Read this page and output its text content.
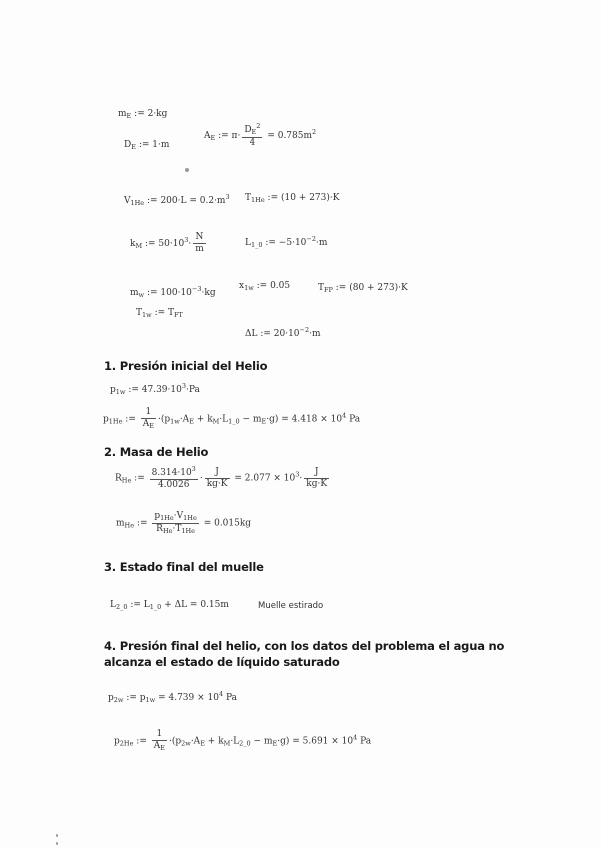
$m_E$ := 2·kg
$D_E$ := 1·m
$A_E$ := $\pi\cdot \frac{D_E^2}{4} = 0.785m^2$
$V_{1He}$ := $200\cdot L = 0.2\cdot m^3$ $T_{1He}$ := (10 + 273)·K
$k_M$ := $50\cdot 10^3\cdot \frac{N}{m}$	$L_{1\_0}$ := $-5\cdot 10^{-2}\cdot m$
$m_w$ := $100\cdot 10^{-3}\cdot kg$
$x_{1w}$ := 0.05	$T_{FP}$ := (80 + 273)·K
$T_{1w}$ := $T_{FT}$
ΔL := $20\cdot 10^{-2}\cdot m$
1. Presión inicial del Helio
$p_{1w}$ := $47.39\cdot 10^3\cdot Pa$
$p_{1He}$ := $\frac{1}{A_E} \cdot(p_{1w}\cdot A_E + k_M\cdot L_{1\_0} - m_E\cdot g) = 4.418 \times 10^4$ Pa
2. Masa de Helio
$R_{He}$ := $\frac{8.314\cdot 10^3}{4.0026} \cdot \frac{J}{kg\cdot K} = 2.077 \times 10^3\cdot \frac{J}{kg\cdot K}$
$m_{He}$ := $\frac{p_{1He}\cdot V_{1He}}{R_{He}\cdot T_{1He}} = 0.015kg$
3. Estado final del muelle
$L_{2\_0}$ := $L_{1\_0} + \Delta L = 0.15m$	Muelle estirado
4. Presión final del helio, con los datos del problema el agua no
alcanza el estado de líquido saturado
$p_{2w}$ := $p_{1w} = 4.739 \times 10^4$ Pa
$p_{2He}$ := $\frac{1}{A_E} \cdot(p_{2w}\cdot A_E + k_M\cdot L_{2\_0} - m_E\cdot g) = 5.691 \times 10^4$ Pa
